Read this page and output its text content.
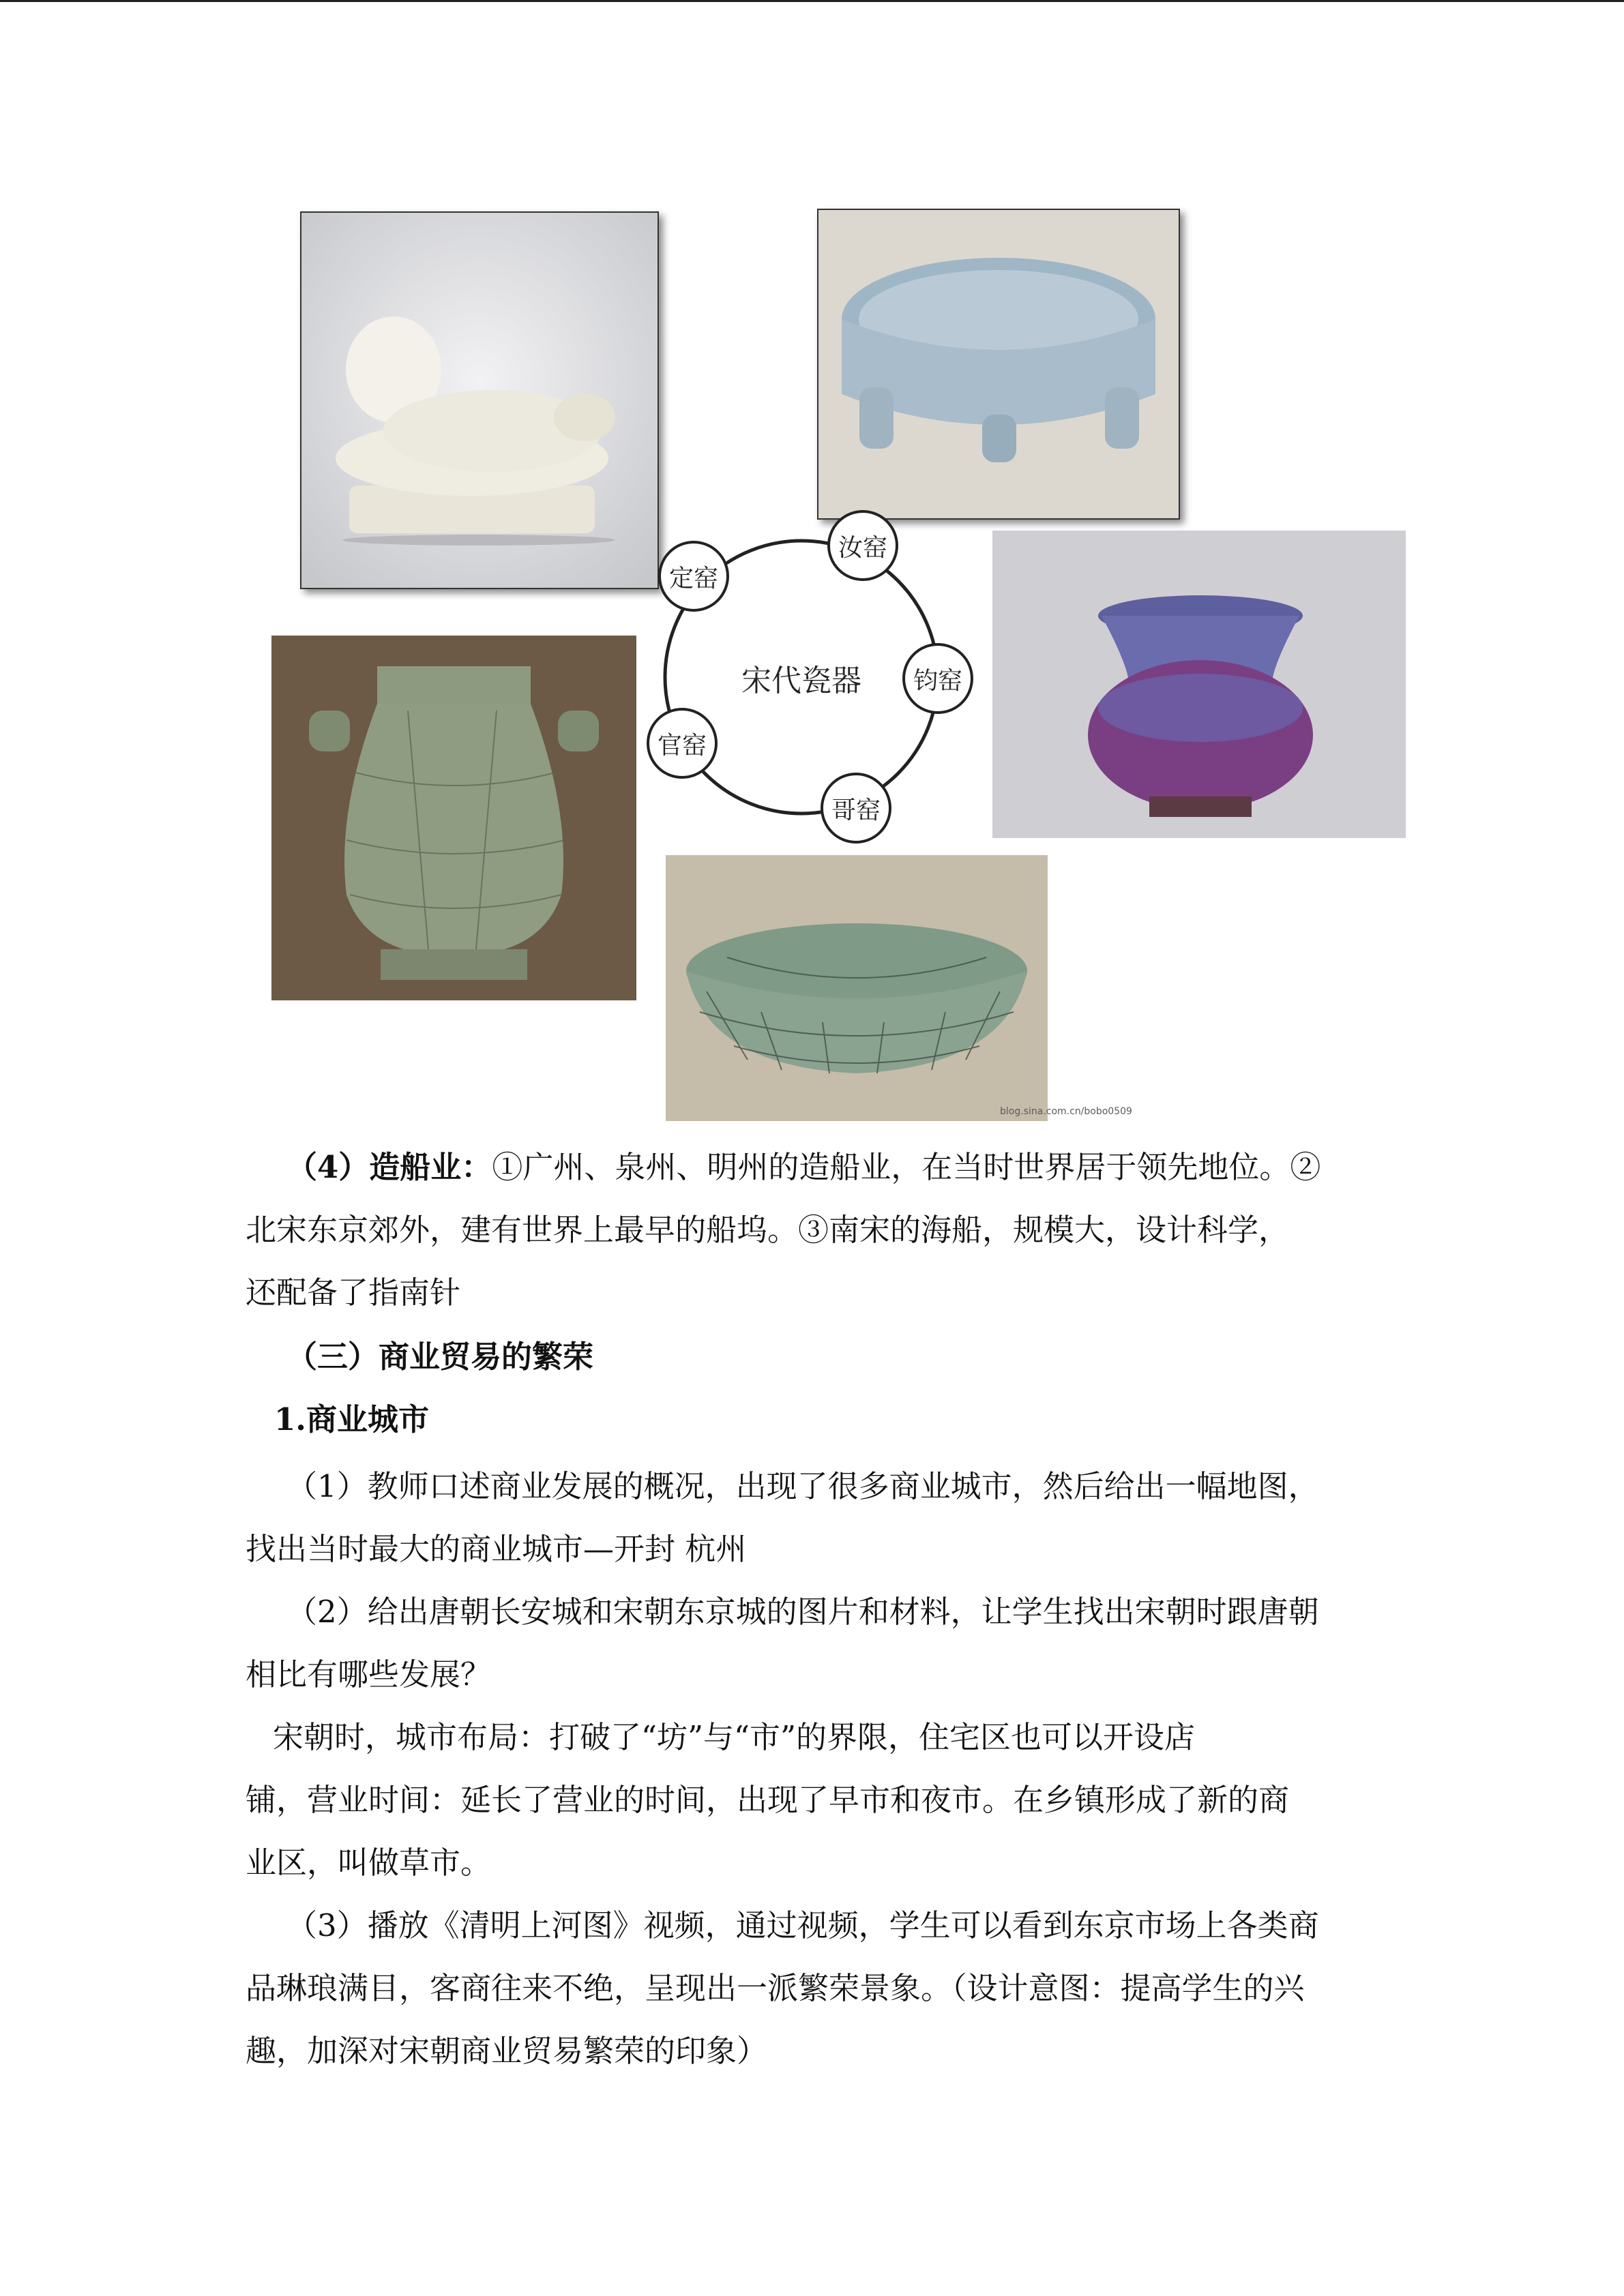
blog.sina.com.cn/bobo0509
宋代瓷器
汝窑
钧窑
哥窑
官窑
定窑

（4）造船业：①广州、泉州、明州的造船业，在当时世界居于领先地位。②
北宋东京郊外，建有世界上最早的船坞。③南宋的海船，规模大，设计科学，
还配备了指南针

（三）商业贸易的繁荣

1.商业城市

（1）教师口述商业发展的概况，出现了很多商业城市，然后给出一幅地图，
找出当时最大的商业城市—开封 杭州

（2）给出唐朝长安城和宋朝东京城的图片和材料，让学生找出宋朝时跟唐朝
相比有哪些发展？

宋朝时，城市布局：打破了“坊”与“市”的界限，住宅区也可以开设店
铺，营业时间：延长了营业的时间，出现了早市和夜市。在乡镇形成了新的商
业区，叫做草市。

（3）播放《清明上河图》视频，通过视频，学生可以看到东京市场上各类商
品琳琅满目，客商往来不绝，呈现出一派繁荣景象。（设计意图：提高学生的兴
趣，加深对宋朝商业贸易繁荣的印象）
